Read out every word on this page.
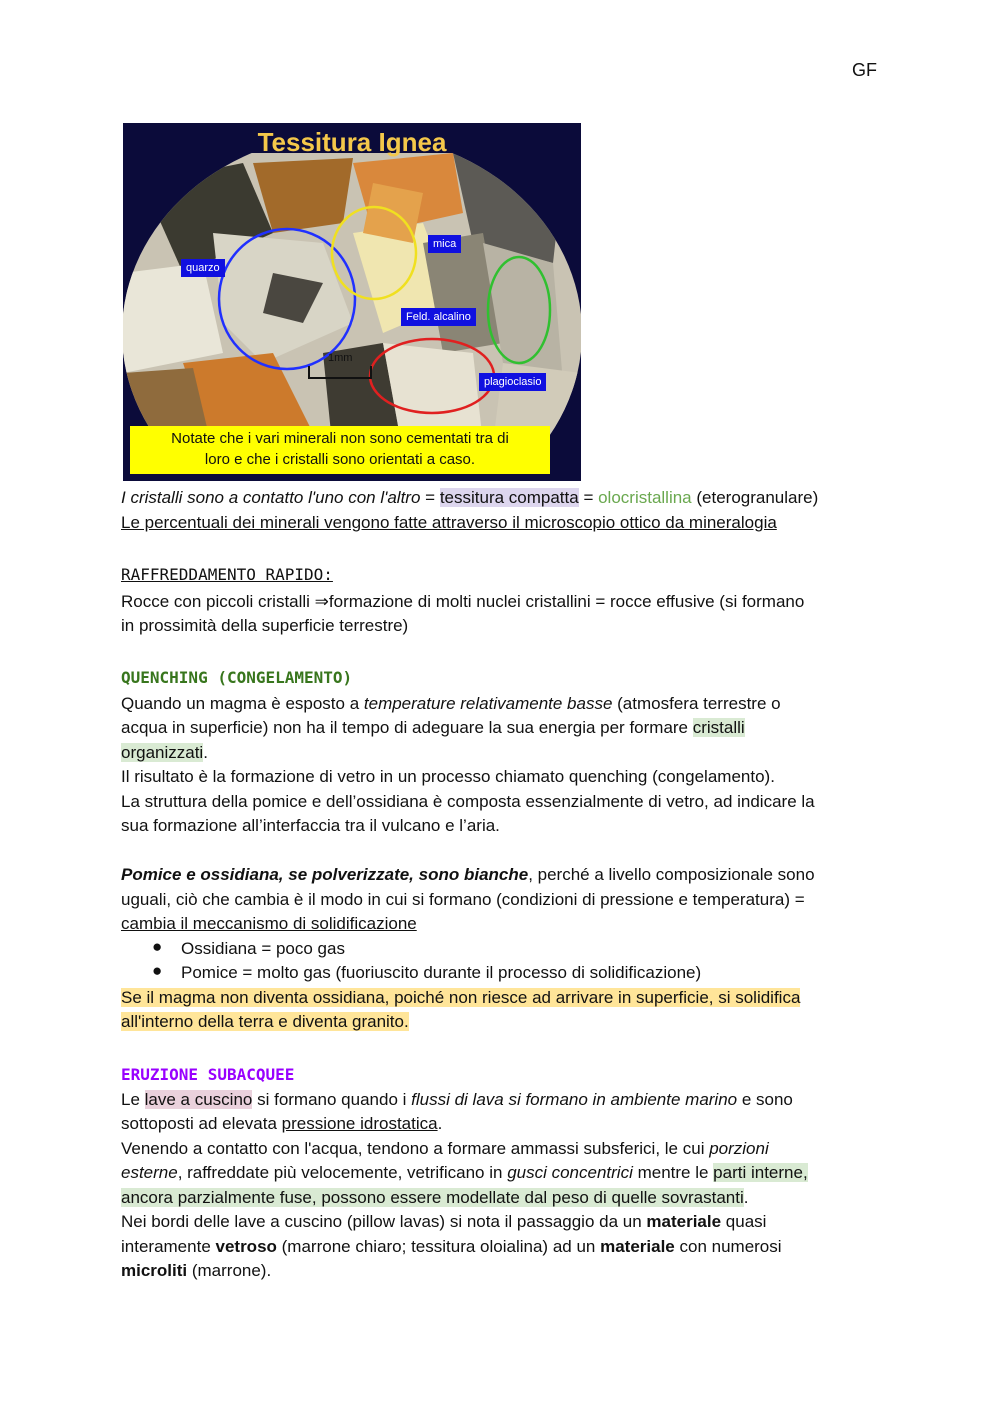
GF
Tessitura Ignea
quarzo
mica
Feld. alcalino
plagioclasio
1mm
Notate che i vari minerali non sono cementati tra di
loro e che i cristalli sono orientati a caso.
I cristalli sono a contatto l'uno con l'altro = tessitura compatta = olocristallina (eterogranulare)
Le percentuali dei minerali vengono fatte attraverso il microscopio ottico da mineralogia
RAFFREDDAMENTO RAPIDO:
Rocce con piccoli cristalli ⇒formazione di molti nuclei cristallini = rocce effusive (si formano
in prossimità della superficie terrestre)
QUENCHING (CONGELAMENTO)
Quando un magma è esposto a temperature relativamente basse (atmosfera terrestre o
acqua in superficie) non ha il tempo di adeguare la sua energia per formare cristalli
organizzati.
Il risultato è la formazione di vetro in un processo chiamato quenching (congelamento).
La struttura della pomice e dell’ossidiana è composta essenzialmente di vetro, ad indicare la
sua formazione all’interfaccia tra il vulcano e l’aria.
Pomice e ossidiana, se polverizzate, sono bianche, perché a livello composizionale sono
uguali, ciò che cambia è il modo in cui si formano (condizioni di pressione e temperatura) =
cambia il meccanismo di solidificazione
● Ossidiana = poco gas
● Pomice = molto gas (fuoriuscito durante il processo di solidificazione)
Se il magma non diventa ossidiana, poiché non riesce ad arrivare in superficie, si solidifica
all'interno della terra e diventa granito.
ERUZIONE SUBACQUEE
Le lave a cuscino si formano quando i flussi di lava si formano in ambiente marino e sono
sottoposti ad elevata pressione idrostatica.
Venendo a contatto con l'acqua, tendono a formare ammassi subsferici, le cui porzioni
esterne, raffreddate più velocemente, vetrificano in gusci concentrici mentre le parti interne,
ancora parzialmente fuse, possono essere modellate dal peso di quelle sovrastanti.
Nei bordi delle lave a cuscino (pillow lavas) si nota il passaggio da un materiale quasi
interamente vetroso (marrone chiaro; tessitura oloialina) ad un materiale con numerosi
microliti (marrone).
